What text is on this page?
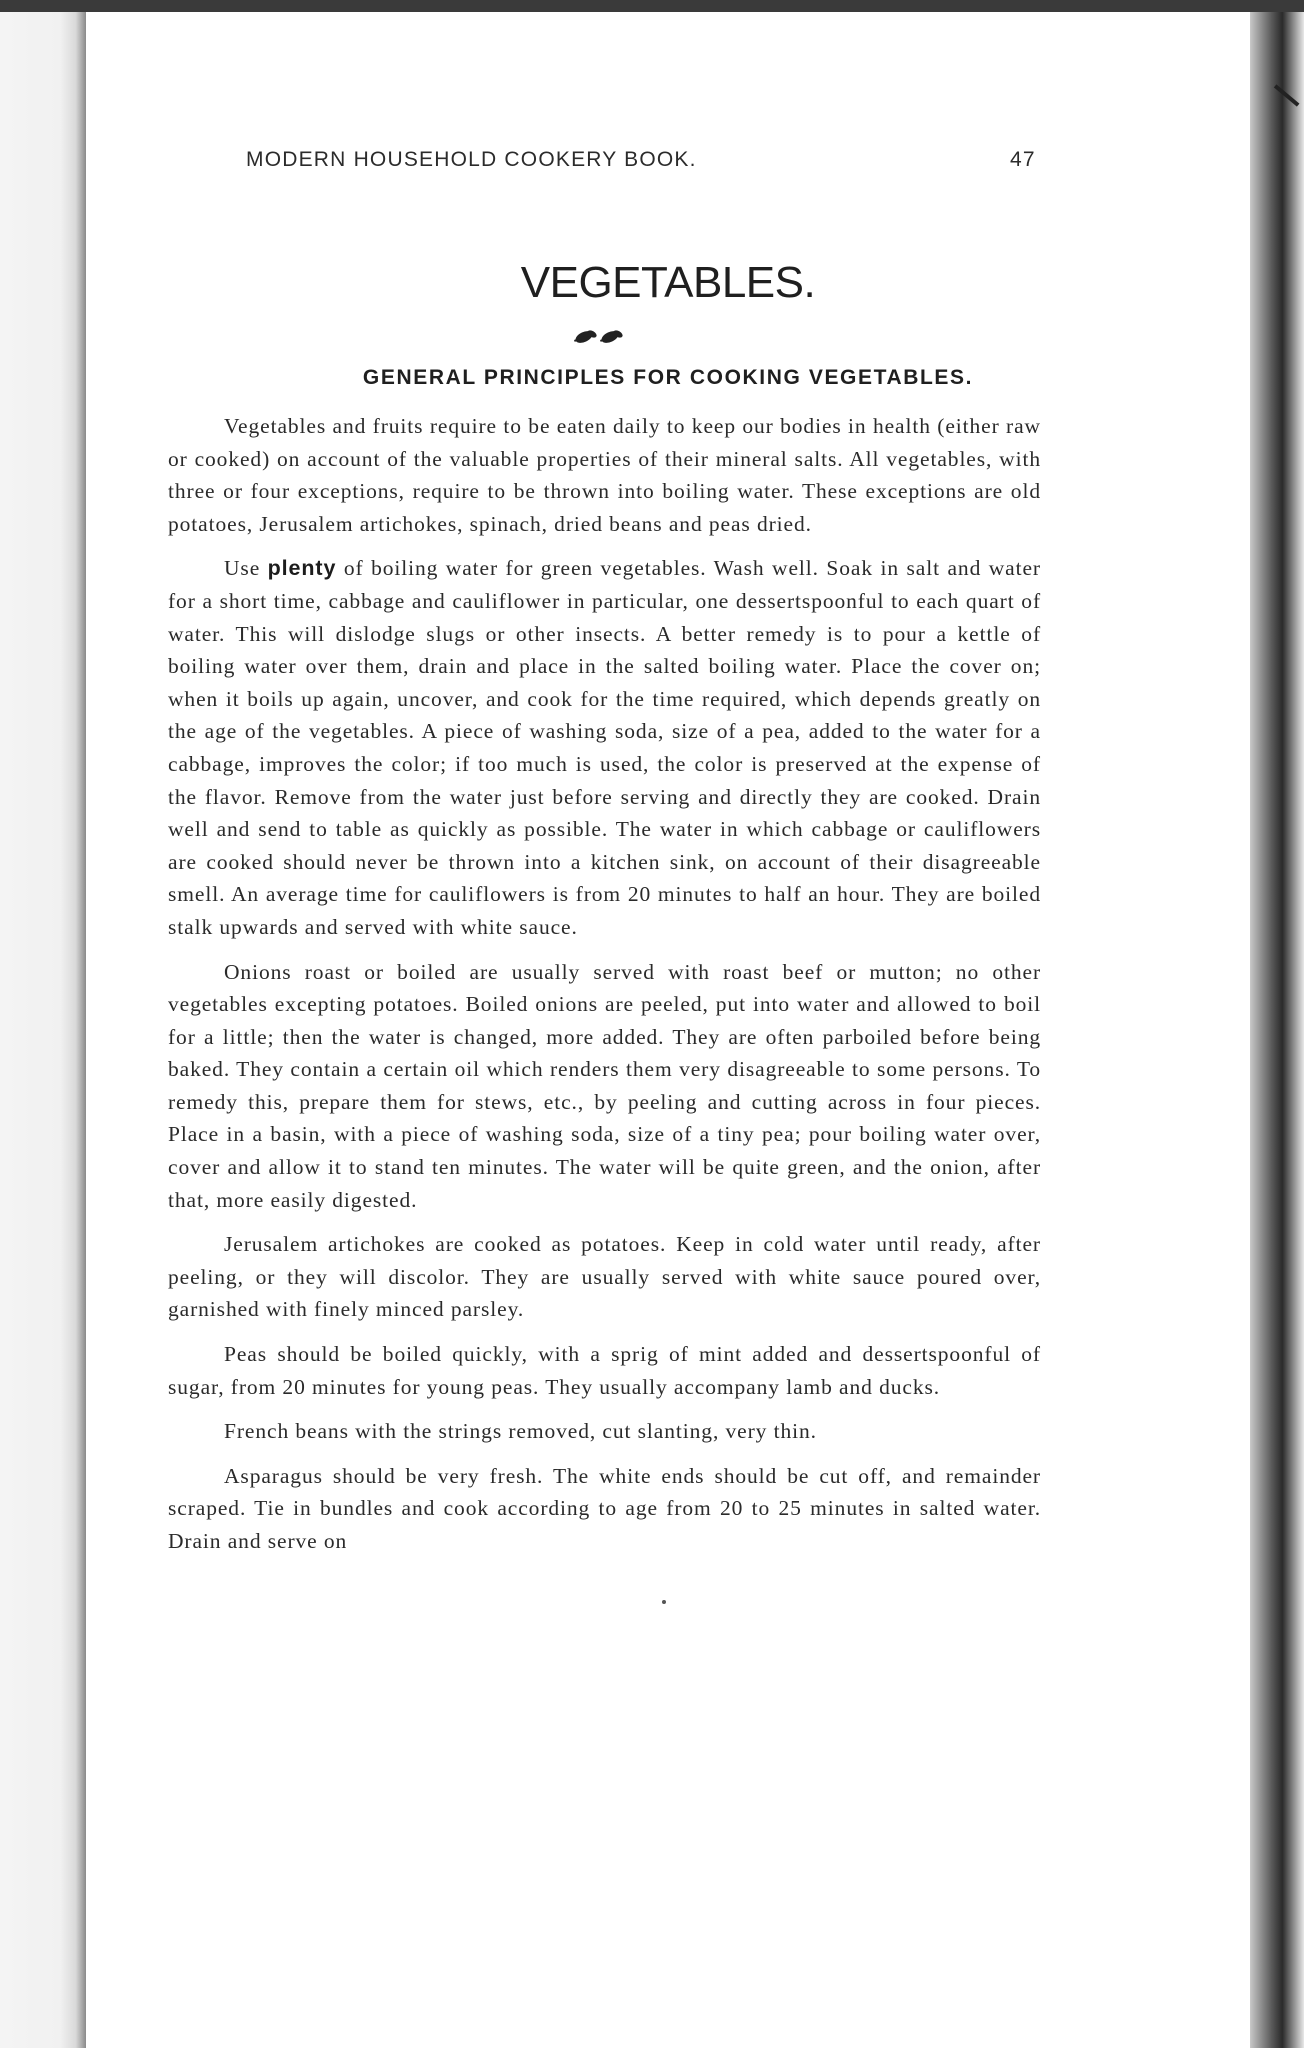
MODERN HOUSEHOLD COOKERY BOOK.	47
VEGETABLES.
GENERAL PRINCIPLES FOR COOKING VEGETABLES.

Vegetables and fruits require to be eaten daily to keep our bodies in health (either raw or cooked) on account of the valuable properties of their mineral salts. All vegetables, with three or four exceptions, require to be thrown into boiling water. These exceptions are old potatoes, Jerusalem artichokes, spinach, dried beans and peas dried.

Use plenty of boiling water for green vegetables. Wash well. Soak in salt and water for a short time, cabbage and cauliflower in particular, one dessertspoonful to each quart of water. This will dislodge slugs or other insects. A better remedy is to pour a kettle of boiling water over them, drain and place in the salted boiling water. Place the cover on; when it boils up again, uncover, and cook for the time required, which depends greatly on the age of the vegetables. A piece of washing soda, size of a pea, added to the water for a cabbage, improves the color; if too much is used, the color is preserved at the expense of the flavor. Remove from the water just before serving and directly they are cooked. Drain well and send to table as quickly as possible. The water in which cabbage or cauliflowers are cooked should never be thrown into a kitchen sink, on account of their disagreeable smell. An average time for cauliflowers is from 20 minutes to half an hour. They are boiled stalk upwards and served with white sauce.

Onions roast or boiled are usually served with roast beef or mutton; no other vegetables excepting potatoes. Boiled onions are peeled, put into water and allowed to boil for a little; then the water is changed, more added. They are often parboiled before being baked. They contain a certain oil which renders them very disagreeable to some persons. To remedy this, prepare them for stews, etc., by peeling and cutting across in four pieces. Place in a basin, with a piece of washing soda, size of a tiny pea; pour boiling water over, cover and allow it to stand ten minutes. The water will be quite green, and the onion, after that, more easily digested.

Jerusalem artichokes are cooked as potatoes. Keep in cold water until ready, after peeling, or they will discolor. They are usually served with white sauce poured over, garnished with finely minced parsley.

Peas should be boiled quickly, with a sprig of mint added and dessertspoonful of sugar, from 20 minutes for young peas. They usually accompany lamb and ducks.

French beans with the strings removed, cut slanting, very thin.

Asparagus should be very fresh. The white ends should be cut off, and remainder scraped. Tie in bundles and cook according to age from 20 to 25 minutes in salted water. Drain and serve on
